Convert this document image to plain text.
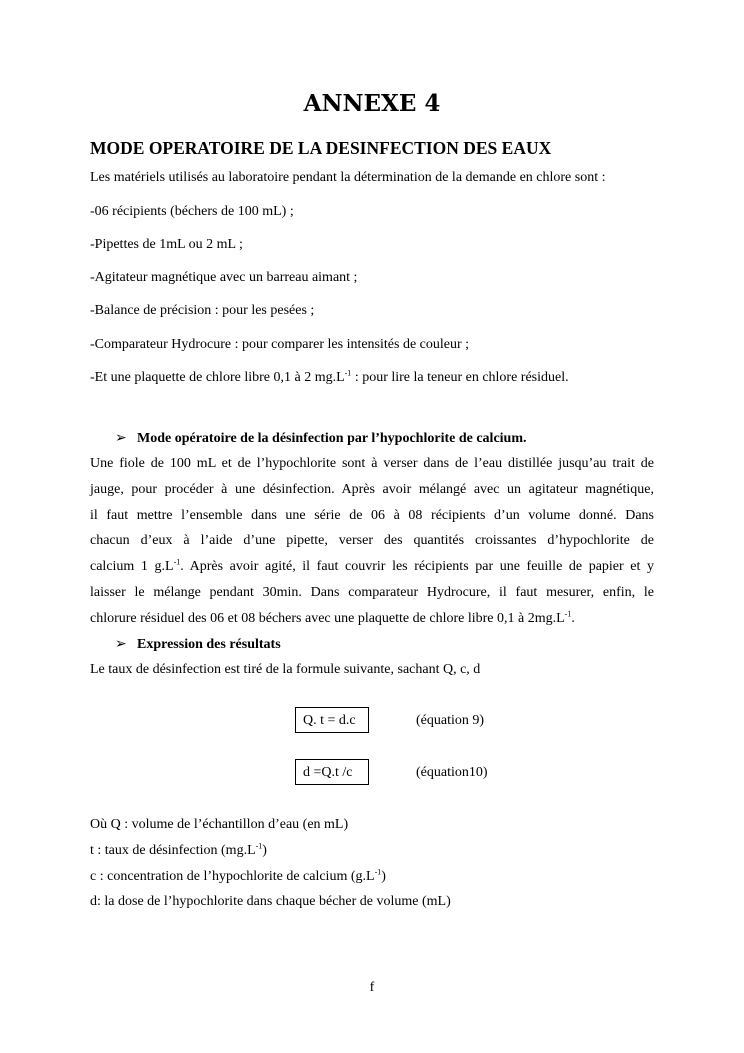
ANNEXE 4
MODE OPERATOIRE DE LA DESINFECTION DES EAUX
Les matériels utilisés au laboratoire pendant la détermination de la demande en chlore sont :
-06 récipients (béchers de 100 mL) ;
-Pipettes de 1mL ou 2 mL ;
-Agitateur magnétique avec un barreau aimant ;
-Balance de précision : pour les pesées ;
-Comparateur Hydrocure : pour comparer les intensités de couleur ;
-Et une plaquette de chlore libre 0,1 à 2 $mg.L^{-1}$ : pour lire la teneur en chlore résiduel.
➢ Mode opératoire de la désinfection par l’hypochlorite de calcium.
Une fiole de 100 mL et de l’hypochlorite sont à verser dans de l’eau distillée jusqu’au trait de
jauge, pour procéder à une désinfection. Après avoir mélangé avec un agitateur magnétique,
il faut mettre l’ensemble dans une série de 06 à 08 récipients d’un volume donné. Dans
chacun d’eux à l’aide d’une pipette, verser des quantités croissantes d’hypochlorite de
calcium 1 $g.L^{-1}$. Après avoir agité, il faut couvrir les récipients par une feuille de papier et y
laisser le mélange pendant 30min. Dans comparateur Hydrocure, il faut mesurer, enfin, le
chlorure résiduel des 06 et 08 béchers avec une plaquette de chlore libre 0,1 à $2mg.L^{-1}$.
➢ Expression des résultats
Le taux de désinfection est tiré de la formule suivante, sachant Q, c, d
Q. t = d.c	(équation 9)
d =Q.t /c	(équation10)
Où Q : volume de l’échantillon d’eau (en mL)
t : taux de désinfection $(mg.L^{-1})$
c : concentration de l’hypochlorite de calcium $(g.L^{-1})$
d: la dose de l’hypochlorite dans chaque bécher de volume (mL)
f
